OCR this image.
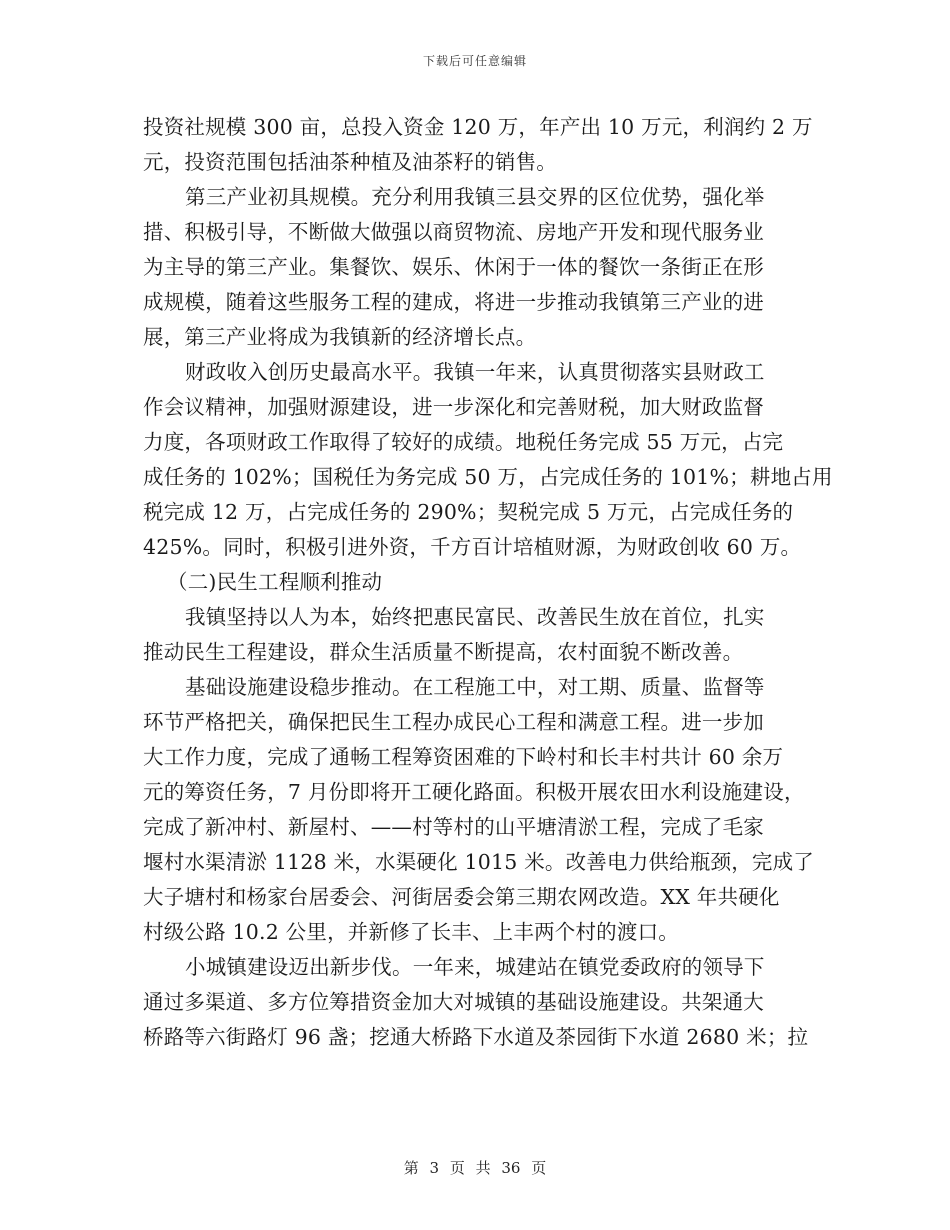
下载后可任意编辑
投资社规模 300 亩，总投入资金 120 万，年产出 10 万元，利润约 2 万
元，投资范围包括油茶种植及油茶籽的销售。
第三产业初具规模。充分利用我镇三县交界的区位优势，强化举
措、积极引导，不断做大做强以商贸物流、房地产开发和现代服务业
为主导的第三产业。集餐饮、娱乐、休闲于一体的餐饮一条街正在形
成规模，随着这些服务工程的建成，将进一步推动我镇第三产业的进
展，第三产业将成为我镇新的经济增长点。
财政收入创历史最高水平。我镇一年来，认真贯彻落实县财政工
作会议精神，加强财源建设，进一步深化和完善财税，加大财政监督
力度，各项财政工作取得了较好的成绩。地税任务完成 55 万元，占完
成任务的 102%；国税任为务完成 50 万，占完成任务的 101%；耕地占用
税完成 12 万，占完成任务的 290%；契税完成 5 万元，占完成任务的
425%。同时，积极引进外资，千方百计培植财源，为财政创收 60 万。
（二)民生工程顺利推动
我镇坚持以人为本，始终把惠民富民、改善民生放在首位，扎实
推动民生工程建设，群众生活质量不断提高，农村面貌不断改善。
基础设施建设稳步推动。在工程施工中，对工期、质量、监督等
环节严格把关，确保把民生工程办成民心工程和满意工程。进一步加
大工作力度，完成了通畅工程筹资困难的下岭村和长丰村共计 60 余万
元的筹资任务，7 月份即将开工硬化路面。积极开展农田水利设施建设，
完成了新冲村、新屋村、——村等村的山平塘清淤工程，完成了毛家
堰村水渠清淤 1128 米，水渠硬化 1015 米。改善电力供给瓶颈，完成了
大子塘村和杨家台居委会、河街居委会第三期农网改造。XX 年共硬化
村级公路 10.2 公里，并新修了长丰、上丰两个村的渡口。
小城镇建设迈出新步伐。一年来，城建站在镇党委政府的领导下
通过多渠道、多方位筹措资金加大对城镇的基础设施建设。共架通大
桥路等六街路灯 96 盏；挖通大桥路下水道及茶园街下水道 2680 米；拉
第 3 页 共 36 页
